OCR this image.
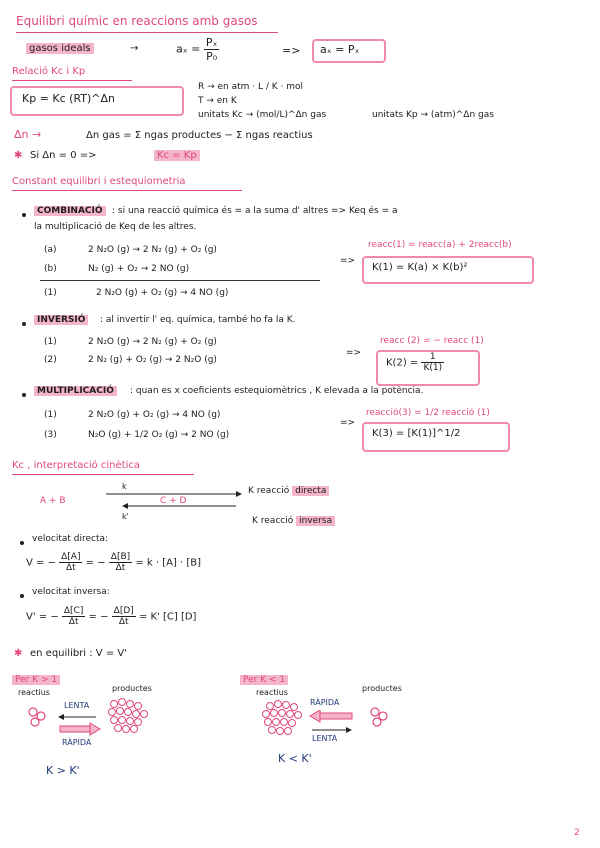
Equilibri químic en reaccions amb gasos
gasos ideals	→	$a_x = \frac{\text{Pₓ}}{\text{P₀}}$	=> aₓ = Pₓ
Relació Kc i Kp
Kp = Kc (RT)^Δn
R → en atm · L / K · mol
T → en K
unitats Kc → (mol/L)^Δn gas	unitats Kp → (atm)^Δn gas
Δn →	Δn gas = Σ ngas productes − Σ ngas reactius
✱ Si Δn = 0 =>	Kc = Kp
Constant equilibri i estequiometria
COMBINACIÓ	: si una reacció química és = a la suma d' altres => Keq és = a
la multiplicació de Keq de les altres.
(a)	2 N₂O (g) → 2 N₂ (g) + O₂ (g)
(b)	N₂ (g) + O₂ → 2 NO (g)
(1)	2 N₂O (g) + O₂ (g) → 4 NO (g)
=>
reacc(1) = reacc(a) + 2reacc(b)
K(1) = K(a) × K(b)²
INVERSIÓ	: al invertir l' eq. química, també ho fa la K.
(1)	2 N₂O (g) → 2 N₂ (g) + O₂ (g)
(2)	2 N₂ (g) + O₂ (g) → 2 N₂O (g)
=>
reacc (2) = − reacc (1)
$K(2) = \frac{1}{K(1)}$
MULTIPLICACIÓ	: quan es x coeficients estequiomètrics , K elevada a la potència.
(1)	2 N₂O (g) + O₂ (g) → 4 NO (g)
(3)	N₂O (g) + 1/2 O₂ (g) → 2 NO (g)
=>
reacció(3) = 1/2 reacció (1)
K(3) = [K(1)]^1/2
Kc , interpretació cinètica
A + B	C + D
k
k'
K reacció directa
K reacció inversa
velocitat directa:
V = − $\frac{\Delta[A]}{\Delta t}$ = − $\frac{\Delta[B]}{\Delta t} = k \cdot [A] \cdot [B]$
velocitat inversa:
V' = − $\frac{\Delta[C]}{\Delta t}$ = − $\frac{\Delta[D]}{\Delta t} = K'$ [C] [D]
✱ en equilibri : V = V'
Per K > 1
reactius	productes
LENTA
RÀPIDA
K > K'
Per K < 1
reactius	productes
RÀPIDA
LENTA
K < K'
2
